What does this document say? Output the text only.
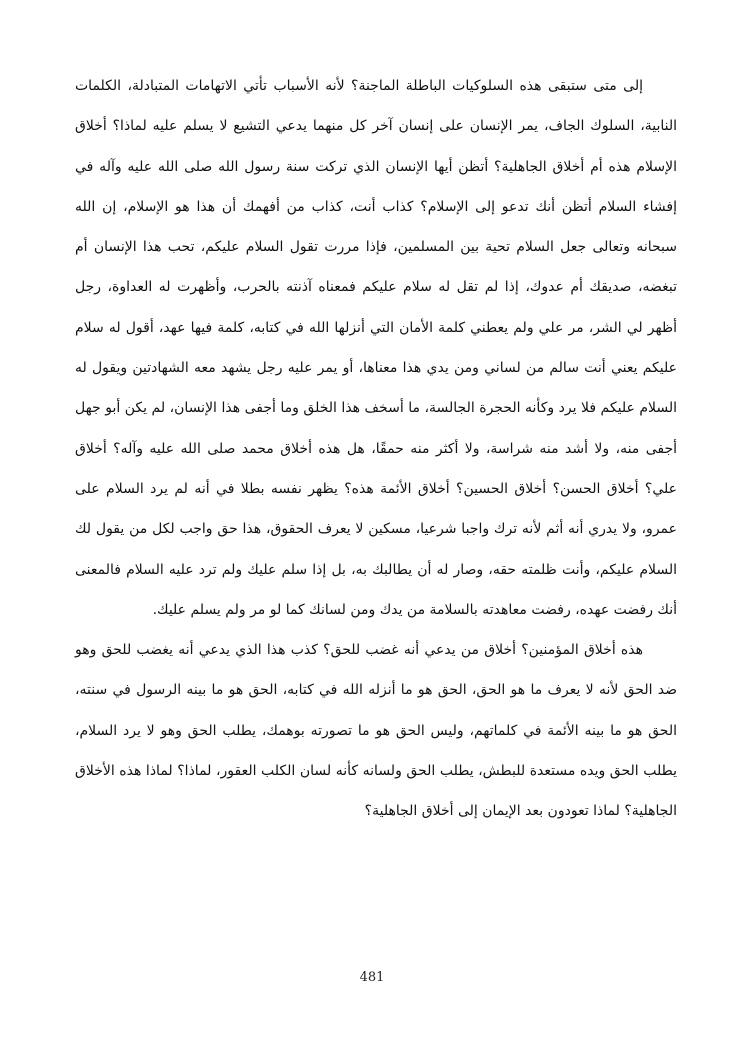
إلى متى ستبقى هذه السلوكيات الباطلة الماجنة؟ لأنه الأسباب تأتي الاتهامات المتبادلة، الكلمات النابية، السلوك الجاف، يمر الإنسان على إنسان آخر كل منهما يدعي التشيع لا يسلم عليه لماذا؟ أخلاق الإسلام هذه أم أخلاق الجاهلية؟ أتظن أيها الإنسان الذي تركت سنة رسول الله صلى الله عليه وآله في إفشاء السلام أتظن أنك تدعو إلى الإسلام؟ كذاب أنت، كذاب من أفهمك أن هذا هو الإسلام، إن الله سبحانه وتعالى جعل السلام تحية بين المسلمين، فإذا مررت تقول السلام عليكم، تحب هذا الإنسان أم تبغضه، صديقك أم عدوك، إذا لم تقل له سلام عليكم فمعناه آذنته بالحرب، وأظهرت له العداوة، رجل أظهر لي الشر، مر علي ولم يعطني كلمة الأمان التي أنزلها الله في كتابه، كلمة فيها عهد، أقول له سلام عليكم يعني أنت سالم من لساني ومن يدي هذا معناها، أو يمر عليه رجل يشهد معه الشهادتين ويقول له السلام عليكم فلا يرد وكأنه الحجرة الجالسة، ما أسخف هذا الخلق وما أجفى هذا الإنسان، لم يكن أبو جهل أجفى منه، ولا أشد منه شراسة، ولا أكثر منه حمقًا، هل هذه أخلاق محمد صلى الله عليه وآله؟ أخلاق علي؟ أخلاق الحسن؟ أخلاق الحسين؟ أخلاق الأئمة هذه؟ يظهر نفسه بطلا في أنه لم يرد السلام على عمرو، ولا يدري أنه أثم لأنه ترك واجبا شرعيا، مسكين لا يعرف الحقوق، هذا حق واجب لكل من يقول لك السلام عليكم، وأنت ظلمته حقه، وصار له أن يطالبك به، بل إذا سلم عليك ولم ترد عليه السلام فالمعنى أنك رفضت عهده، رفضت معاهدته بالسلامة من يدك ومن لسانك كما لو مر ولم يسلم عليك.

هذه أخلاق المؤمنين؟ أخلاق من يدعي أنه غضب للحق؟ كذب هذا الذي يدعي أنه يغضب للحق وهو ضد الحق لأنه لا يعرف ما هو الحق، الحق هو ما أنزله الله في كتابه، الحق هو ما بينه الرسول في سنته، الحق هو ما بينه الأئمة في كلماتهم، وليس الحق هو ما تصورته بوهمك، يطلب الحق وهو لا يرد السلام، يطلب الحق ويده مستعدة للبطش، يطلب الحق ولسانه كأنه لسان الكلب العقور، لماذا؟ لماذا هذه الأخلاق الجاهلية؟ لماذا تعودون بعد الإيمان إلى أخلاق الجاهلية؟

481
